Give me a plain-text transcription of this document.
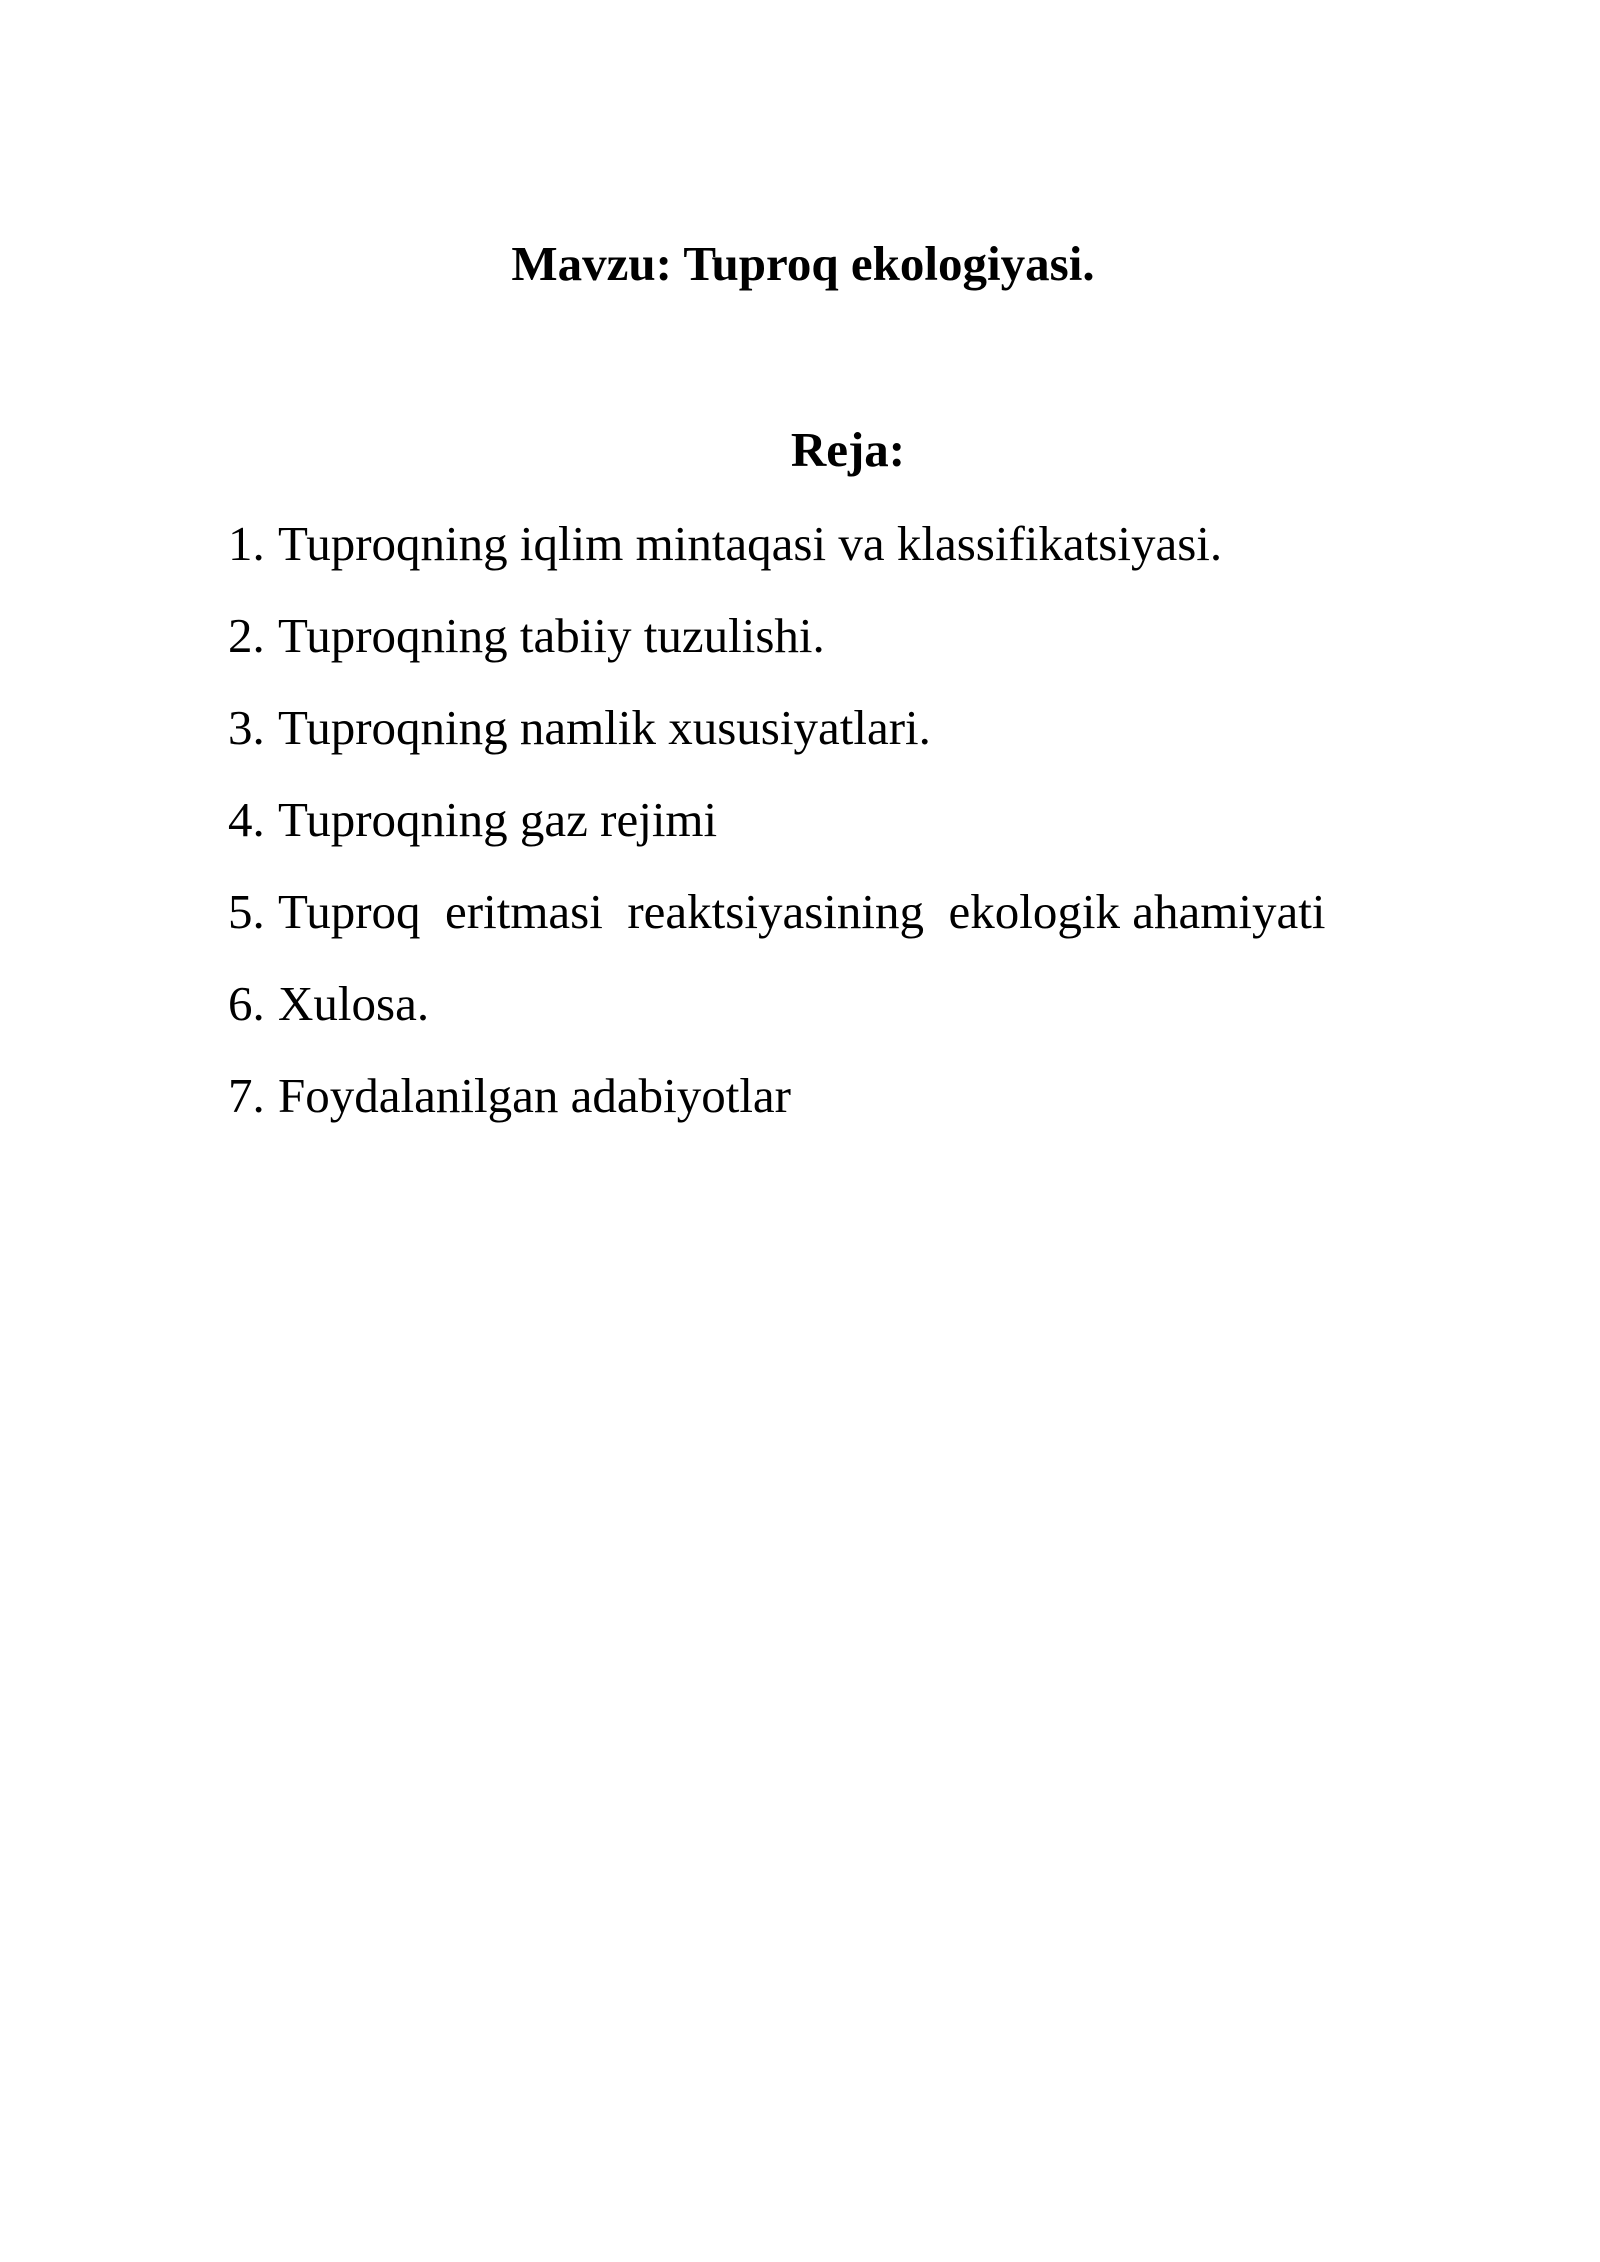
Mavzu: Tuproq ekologiyasi.
Reja:
1. Tuproqning iqlim mintaqasi va klassifikatsiyasi.
2. Tuproqning tabiiy tuzulishi.
3. Tuproqning namlik xususiyatlari.
4. Tuproqning gaz rejimi
5. Tuproq  eritmasi  reaktsiyasining  ekologik ahamiyati
6. Xulosa.
7. Foydalanilgan adabiyotlar
